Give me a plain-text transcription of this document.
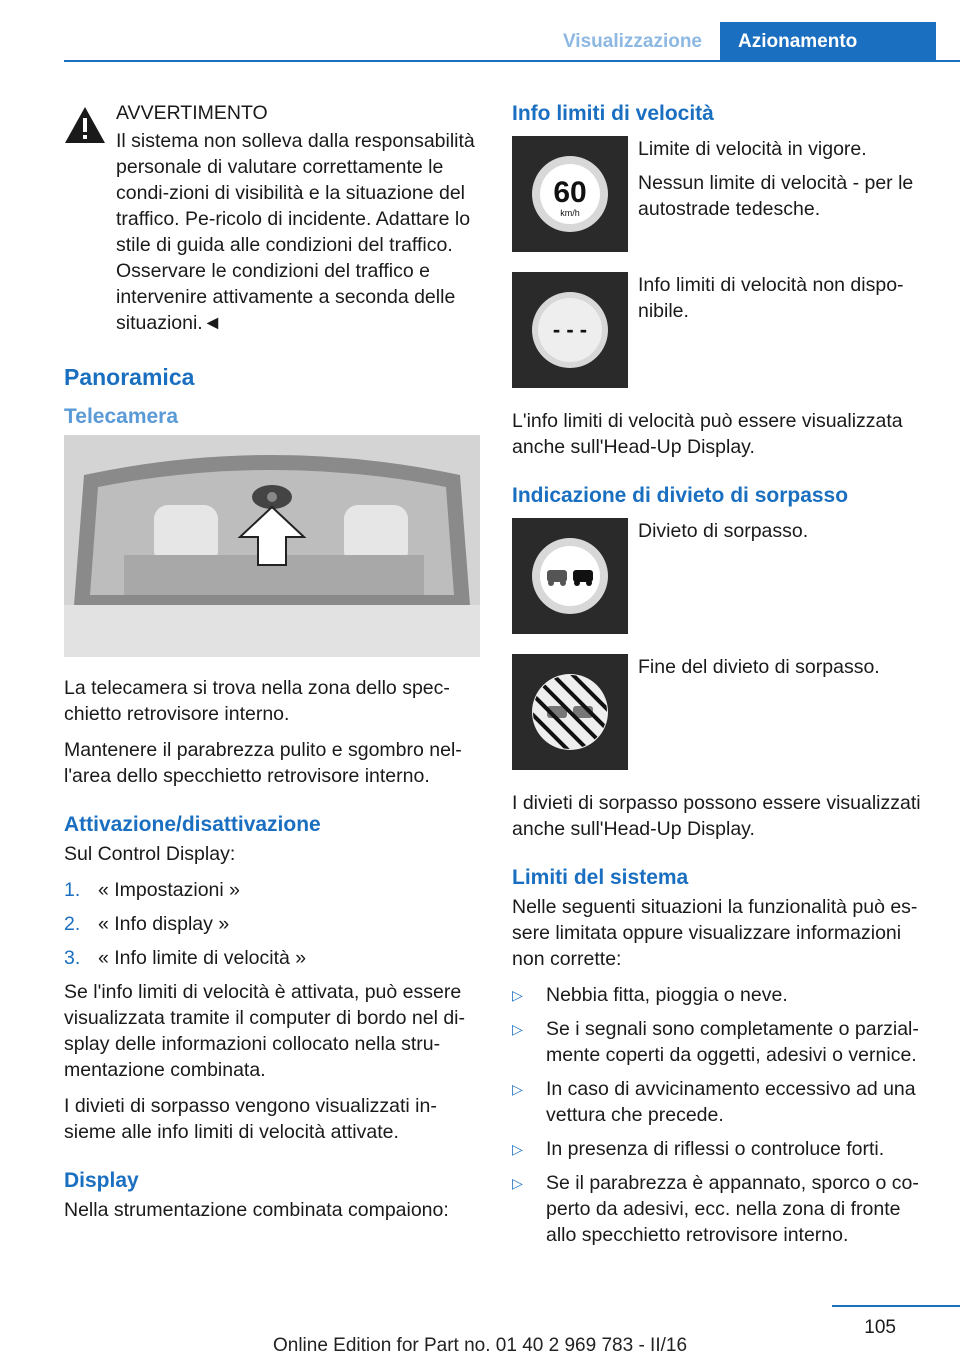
Visualizzazione	Azionamento

AVVERTIMENTO

Il sistema non solleva dalla responsabilità personale di valutare correttamente le condi-zioni di visibilità e la situazione del traffico. Pe-ricolo di incidente. Adattare lo stile di guida alle condizioni del traffico. Osservare le condizioni del traffico e intervenire attivamente a seconda delle situazioni.◄

Panoramica
Telecamera

La telecamera si trova nella zona dello spec-chietto retrovisore interno.

Mantenere il parabrezza pulito e sgombro nel-l'area dello specchietto retrovisore interno.

Attivazione/disattivazione

Sul Control Display:

1. « Impostazioni »
2. « Info display »
3. « Info limite di velocità »

Se l'info limiti di velocità è attivata, può essere visualizzata tramite il computer di bordo nel di-splay delle informazioni collocato nella stru-mentazione combinata.

I divieti di sorpasso vengono visualizzati in-sieme alle info limiti di velocità attivate.

Display

Nella strumentazione combinata compaiono:

Info limiti di velocità
60
km/h

Limite di velocità in vigore.

Nessun limite di velocità - per le autostrade tedesche.

- - -

Info limiti di velocità non dispo-nibile.

L'info limiti di velocità può essere visualizzata anche sull'Head-Up Display.

Indicazione di divieto di sorpasso

Divieto di sorpasso.

Fine del divieto di sorpasso.

I divieti di sorpasso possono essere visualizzati anche sull'Head-Up Display.

Limiti del sistema

Nelle seguenti situazioni la funzionalità può es-sere limitata oppure visualizzare informazioni non corrette:

▷	Nebbia fitta, pioggia o neve.
▷	Se i segnali sono completamente o parzial-mente coperti da oggetti, adesivi o vernice.
▷	In caso di avvicinamento eccessivo ad una vettura che precede.
▷	In presenza di riflessi o controluce forti.
▷	Se il parabrezza è appannato, sporco o co-perto da adesivi, ecc. nella zona di fronte allo specchietto retrovisore interno.
105
Online Edition for Part no. 01 40 2 969 783 - II/16
